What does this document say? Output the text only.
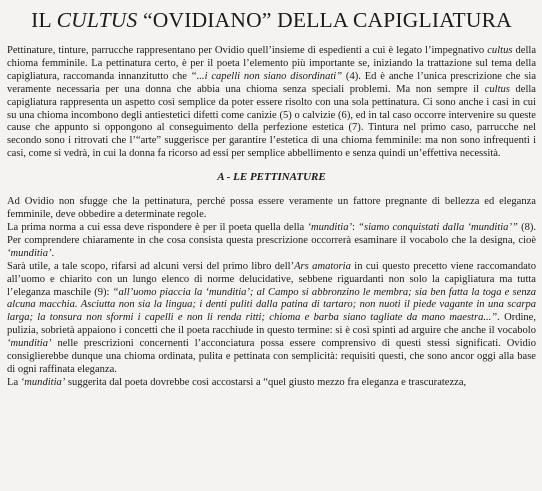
IL CULTUS “OVIDIANO” DELLA CAPIGLIATURA

Pettinature, tinture, parrucche rappresentano per Ovidio quell’insieme di espedienti a cui è legato l’impegnativo cultus della chioma femminile. La pettinatura certo, è per il poeta l’elemento più importante se, iniziando la trattazione sul tema della capigliatura, raccomanda innanzitutto che “...i capelli non siano disordinati” (4). Ed è anche l’unica prescrizione che sia veramente necessaria per una donna che abbia una chioma senza speciali problemi. Ma non sempre il cultus della capigliatura rappresenta un aspetto così semplice da poter essere risolto con una sola pettinatura. Ci sono anche i casi in cui su una chioma incombono degli antiestetici difetti come canizie (5) o calvizie (6), ed in tal caso occorre intervenire su queste cause che appunto si oppongono al conseguimento della perfezione estetica (7). Tintura nel primo caso, parrucche nel secondo sono i ritrovati che l’“arte” suggerisce per garantire l’estetica di una chioma femminile: ma non sono infrequenti i casi, come si vedrà, in cui la donna fa ricorso ad essi per semplice abbellimento e senza quindi un’effettiva necessità.

A - LE PETTINATURE

Ad Ovidio non sfugge che la pettinatura, perché possa essere veramente un fattore pregnante di bellezza ed eleganza femminile, deve obbedire a determinate regole.

La prima norma a cui essa deve rispondere è per il poeta quella della ‘munditia’: “siamo conquistati dalla ‘munditia’” (8). Per comprendere chiaramente in che cosa consista questa prescrizione occorrerà esaminare il vocabolo che la designa, cioè ‘munditia’.

Sarà utile, a tale scopo, rifarsi ad alcuni versi del primo libro dell’Ars amatoria in cui questo precetto viene raccomandato all’uomo e chiarito con un lungo elenco di norme delucidative, sebbene riguardanti non solo la capigliatura ma tutta l’eleganza maschile (9): “all’uomo piaccia la ‘munditia’; al Campo si abbronzino le membra; sia ben fatta la toga e senza alcuna macchia. Asciutta non sia la lingua; i denti puliti dalla patina di tartaro; non nuoti il piede vagante in una scarpa larga; la tonsura non sformi i capelli e non li renda ritti; chioma e barba siano tagliate da mano maestra...”. Ordine, pulizia, sobrietà appaiono i concetti che il poeta racchiude in questo termine: si è così spinti ad arguire che anche il vocabolo ‘munditia’ nelle prescrizioni concernenti l’acconciatura possa essere comprensivo di questi stessi significati. Ovidio consiglierebbe dunque una chioma ordinata, pulita e pettinata con semplicità: requisiti questi, che sono ancor oggi alla base di ogni raffinata eleganza.

La ‘munditia’ suggerita dal poeta dovrebbe così accostarsi a “quel giusto mezzo fra eleganza e trascuratezza,
